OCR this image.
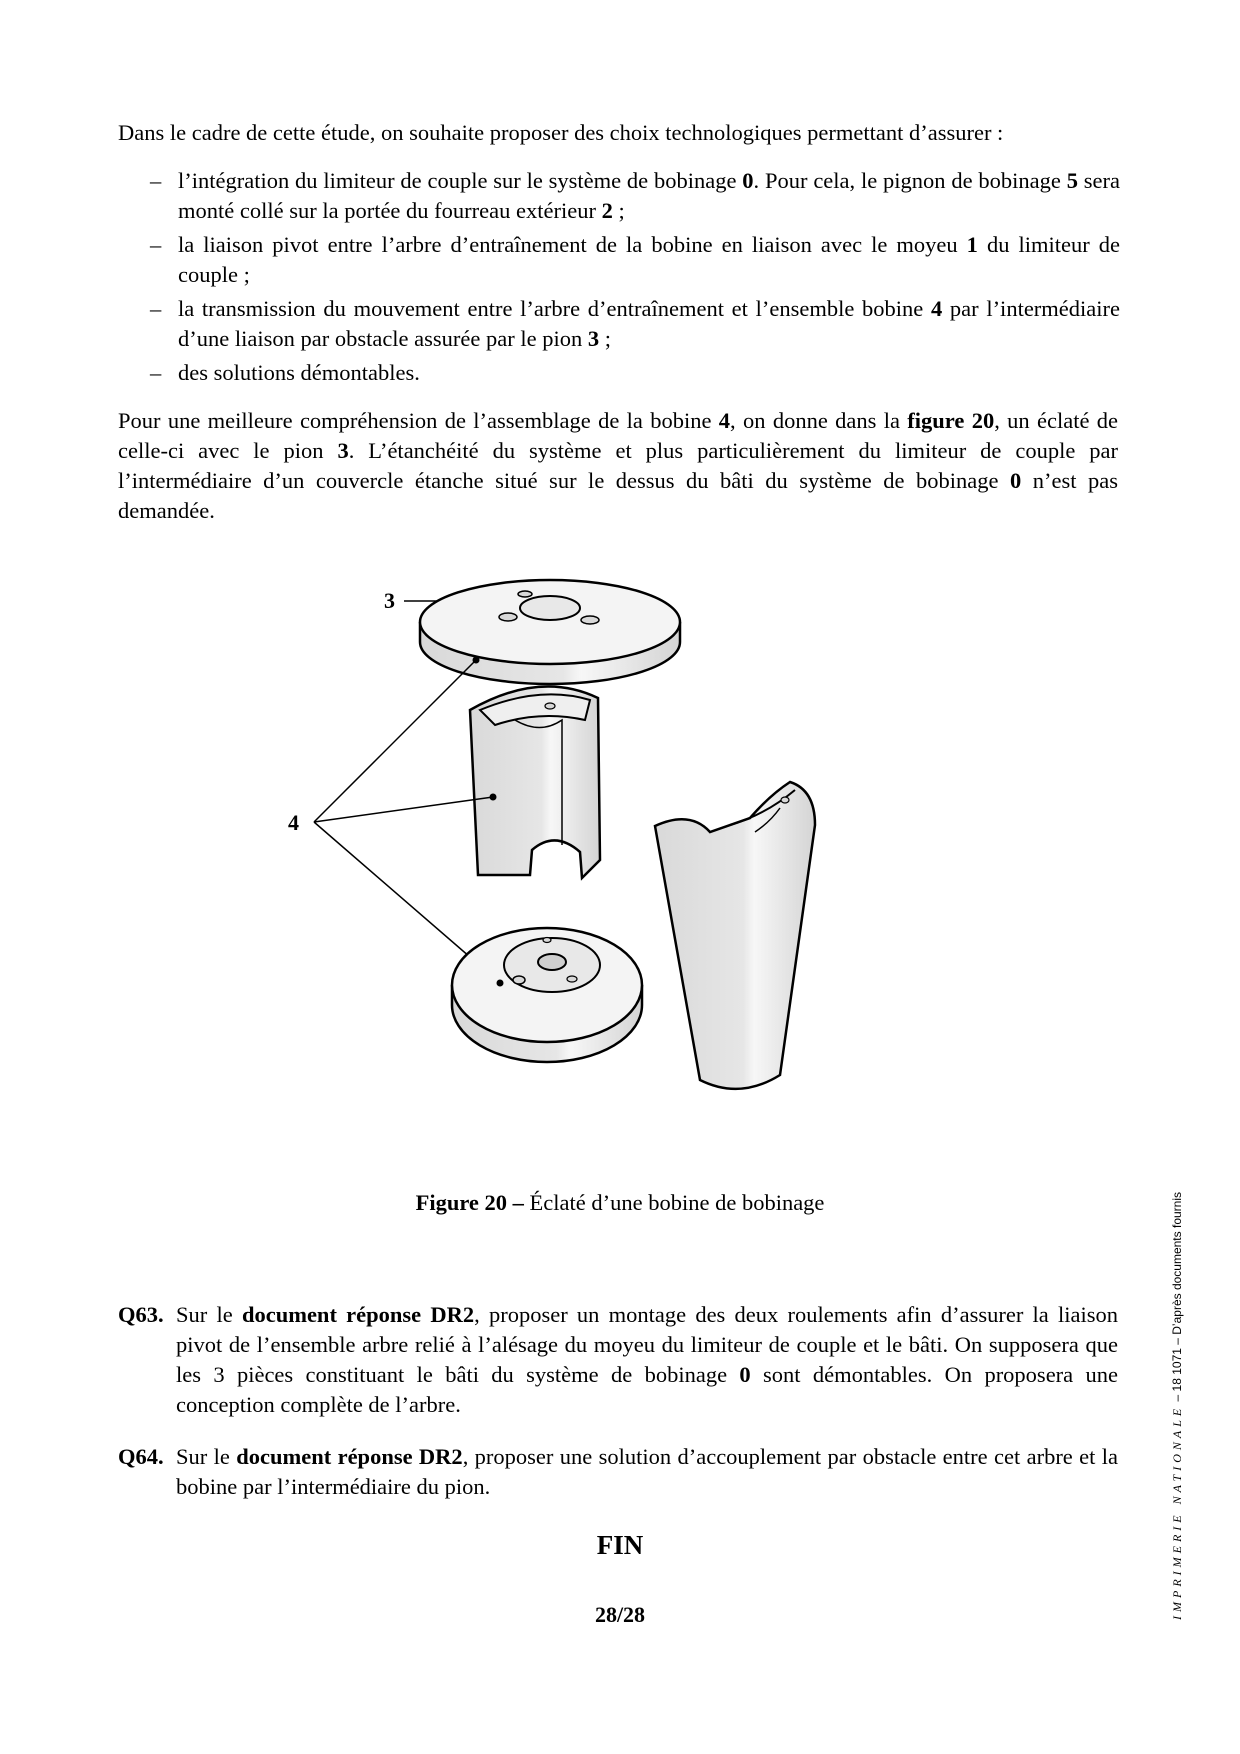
Dans le cadre de cette étude, on souhaite proposer des choix technologiques permettant d’assurer :

– l’intégration du limiteur de couple sur le système de bobinage 0. Pour cela, le pignon de bobinage 5 sera monté collé sur la portée du fourreau extérieur 2 ;
– la liaison pivot entre l’arbre d’entraînement de la bobine en liaison avec le moyeu 1 du limiteur de couple ;
– la transmission du mouvement entre l’arbre d’entraînement et l’ensemble bobine 4 par l’intermédiaire d’une liaison par obstacle assurée par le pion 3 ;
– des solutions démontables.

Pour une meilleure compréhension de l’assemblage de la bobine 4, on donne dans la figure 20, un éclaté de celle-ci avec le pion 3. L’étanchéité du système et plus particulièrement du limiteur de couple par l’intermédiaire d’un couvercle étanche situé sur le dessus du bâti du système de bobinage 0 n’est pas demandée.

3
4
Figure 20 – Éclaté d’une bobine de bobinage
Q63. Sur le document réponse DR2, proposer un montage des deux roulements afin d’assurer la liaison pivot de l’ensemble arbre relié à l’alésage du moyeu du limiteur de couple et le bâti. On supposera que les 3 pièces constituant le bâti du système de bobinage 0 sont démontables. On proposera une conception complète de l’arbre.
Q64. Sur le document réponse DR2, proposer une solution d’accouplement par obstacle entre cet arbre et la bobine par l’intermédiaire du pion.
FIN
28/28	IMPRIMERIE NATIONALE – 18 1071 – D’après documents fournis
